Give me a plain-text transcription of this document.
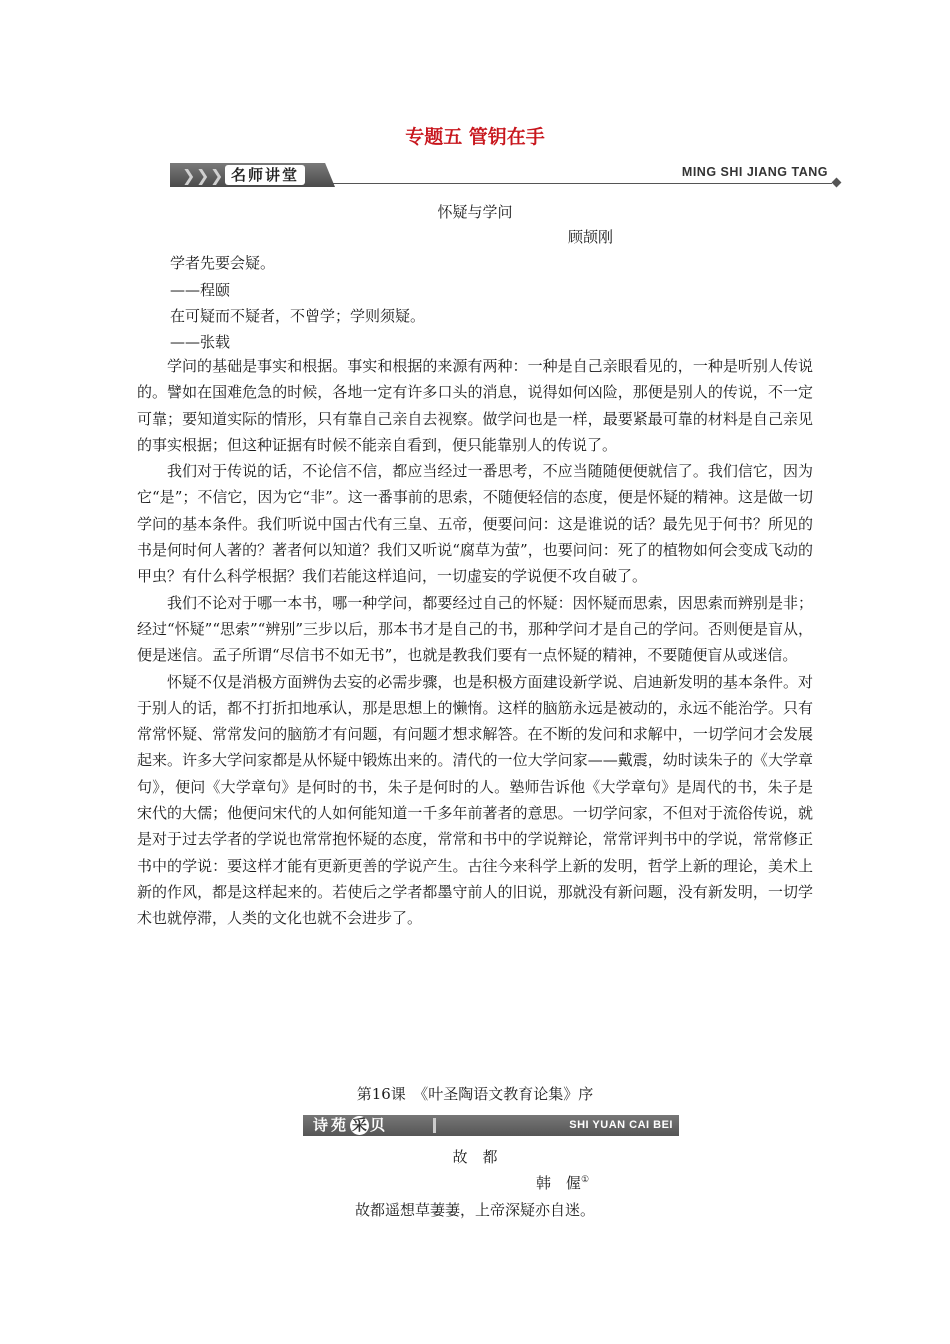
专题五 管钥在手
❯ ❯ ❯ 名师讲堂	MING SHI JIANG TANG
怀疑与学问
顾颉刚
学者先要会疑。
——程颐
在可疑而不疑者，不曾学；学则须疑。
——张载

学问的基础是事实和根据。事实和根据的来源有两种：一种是自己亲眼看见的，一种是听别人传说的。譬如在国难危急的时候，各地一定有许多口头的消息，说得如何凶险，那便是别人的传说，不一定可靠；要知道实际的情形，只有靠自己亲自去视察。做学问也是一样，最要紧最可靠的材料是自己亲见的事实根据；但这种证据有时候不能亲自看到，便只能靠别人的传说了。

我们对于传说的话，不论信不信，都应当经过一番思考，不应当随随便便就信了。我们信它，因为它“是”；不信它，因为它“非”。这一番事前的思索，不随便轻信的态度，便是怀疑的精神。这是做一切学问的基本条件。我们听说中国古代有三皇、五帝，便要问问：这是谁说的话？最先见于何书？所见的书是何时何人著的？著者何以知道？我们又听说“腐草为萤”，也要问问：死了的植物如何会变成飞动的甲虫？有什么科学根据？我们若能这样追问，一切虚妄的学说便不攻自破了。

我们不论对于哪一本书，哪一种学问，都要经过自己的怀疑：因怀疑而思索，因思索而辨别是非；经过“怀疑”“思索”“辨别”三步以后，那本书才是自己的书，那种学问才是自己的学问。否则便是盲从，便是迷信。孟子所谓“尽信书不如无书”，也就是教我们要有一点怀疑的精神，不要随便盲从或迷信。

怀疑不仅是消极方面辨伪去妄的必需步骤，也是积极方面建设新学说、启迪新发明的基本条件。对于别人的话，都不打折扣地承认，那是思想上的懒惰。这样的脑筋永远是被动的，永远不能治学。只有常常怀疑、常常发问的脑筋才有问题，有问题才想求解答。在不断的发问和求解中，一切学问才会发展起来。许多大学问家都是从怀疑中锻炼出来的。清代的一位大学问家——戴震，幼时读朱子的《大学章句》，便问《大学章句》是何时的书，朱子是何时的人。塾师告诉他《大学章句》是周代的书，朱子是宋代的大儒；他便问宋代的人如何能知道一千多年前著者的意思。一切学问家，不但对于流俗传说，就是对于过去学者的学说也常常抱怀疑的态度，常常和书中的学说辩论，常常评判书中的学说，常常修正书中的学说：要这样才能有更新更善的学说产生。古往今来科学上新的发明，哲学上新的理论，美术上新的作风，都是这样起来的。若使后之学者都墨守前人的旧说，那就没有新问题，没有新发明，一切学术也就停滞，人类的文化也就不会进步了。

第16课　《叶圣陶语文教育论集》序
诗苑 采 贝	SHI YUAN CAI BEI
故　都
韩　偓①
故都遥想草萋萋，上帝深疑亦自迷。
